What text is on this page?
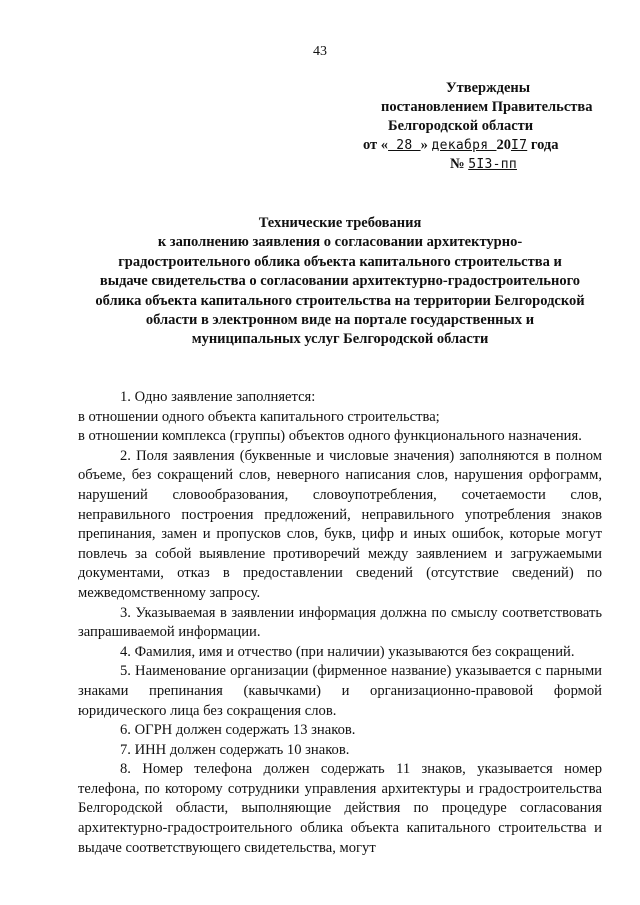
43
Утверждены
постановлением Правительства
Белгородской области
от « 28 » декабря 20I7 года
№ 5I3-пп
Технические требования
к заполнению заявления о согласовании архитектурно-
градостроительного облика объекта капитального строительства и
выдаче свидетельства о согласовании архитектурно-градостроительного
облика объекта капитального строительства на территории Белгородской
области в электронном виде на портале государственных и
муниципальных услуг Белгородской области

1. Одно заявление заполняется:

в отношении одного объекта капитального строительства;

в отношении комплекса (группы) объектов одного функционального назначения.

2. Поля заявления (буквенные и числовые значения) заполняются в полном объеме, без сокращений слов, неверного написания слов, нарушения орфограмм, нарушений словообразования, словоупотребления, сочетаемости слов, неправильного построения предложений, неправильного употребления знаков препинания, замен и пропусков слов, букв, цифр и иных ошибок, которые могут повлечь за собой выявление противоречий между заявлением и загружаемыми документами, отказ в предоставлении сведений (отсутствие сведений) по межведомственному запросу.

3. Указываемая в заявлении информация должна по смыслу соответствовать запрашиваемой информации.

4. Фамилия, имя и отчество (при наличии) указываются без сокращений.

5. Наименование организации (фирменное название) указывается с парными знаками препинания (кавычками) и организационно-правовой формой юридического лица без сокращения слов.

6. ОГРН должен содержать 13 знаков.

7. ИНН должен содержать 10 знаков.

8. Номер телефона должен содержать 11 знаков, указывается номер телефона, по которому сотрудники управления архитектуры и градостроительства Белгородской области, выполняющие действия по процедуре согласования архитектурно-градостроительного облика объекта капитального строительства и выдаче соответствующего свидетельства, могут
